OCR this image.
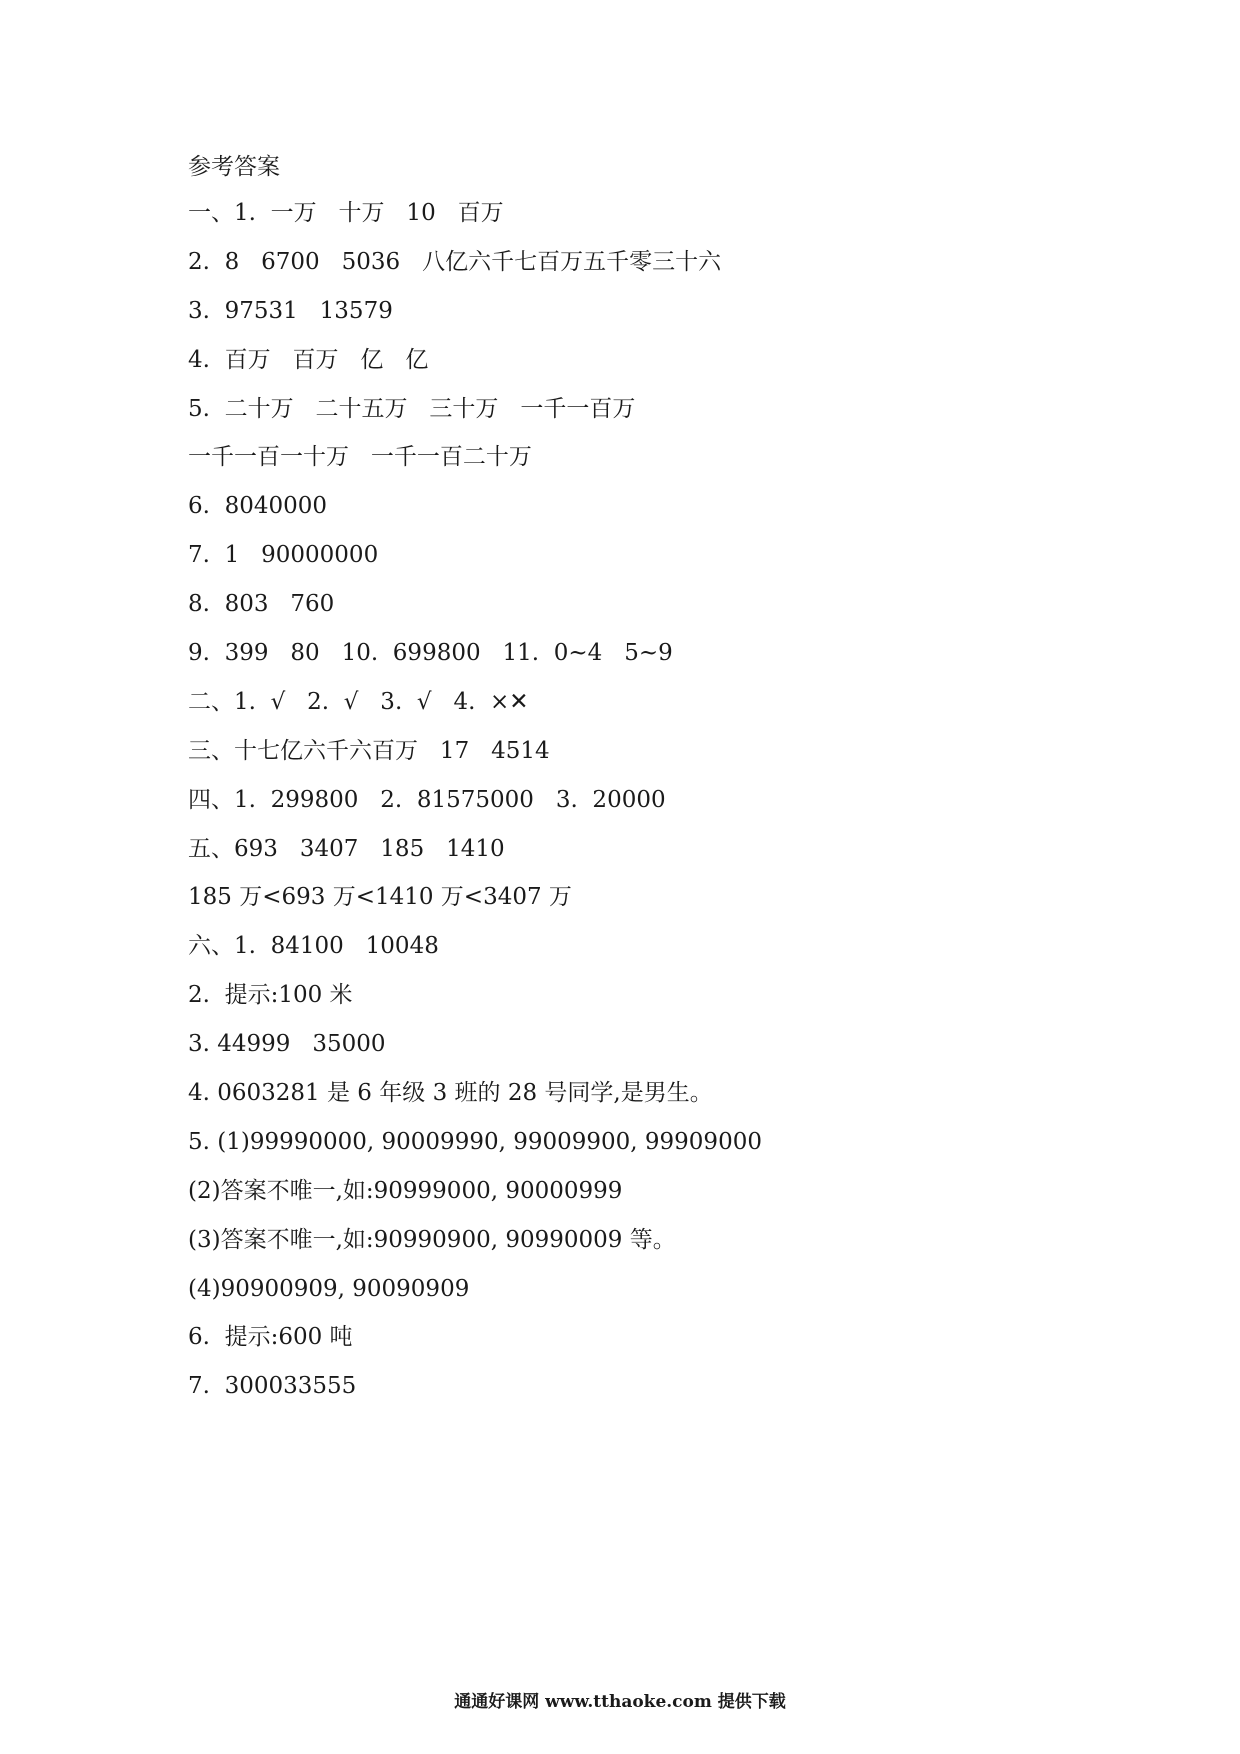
参考答案
一、1.  一万   十万   10   百万
2.  8   6700   5036   八亿六千七百万五千零三十六
3.  97531   13579
4.  百万   百万   亿   亿
5.  二十万   二十五万   三十万   一千一百万
一千一百一十万   一千一百二十万
6.  8040000
7.  1   90000000
8.  803   760
9.  399   80   10.  699800   11.  0~4   5~9
二、1.  √   2.  √   3.  √   4.  ×✕
三、十七亿六千六百万   17   4514
四、1.  299800   2.  81575000   3.  20000
五、693   3407   185   1410
185 万<693 万<1410 万<3407 万
六、1.  84100   10048
2.  提示:100 米
3. 44999   35000
4. 0603281 是 6 年级 3 班的 28 号同学,是男生。
5. (1)99990000, 90009990, 99009900, 99909000
(2)答案不唯一,如:90999000, 90000999
(3)答案不唯一,如:90990900, 90990009 等。
(4)90900909, 90090909
6.  提示:600 吨
7.  300033555
通通好课网 www.tthaoke.com 提供下载
